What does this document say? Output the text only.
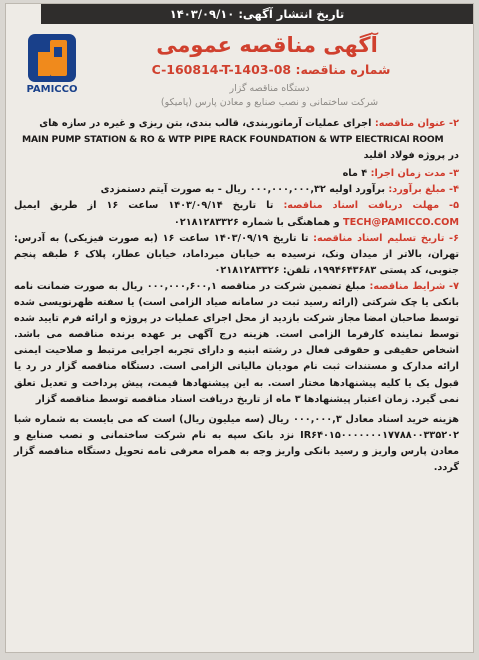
تاریخ انتشار آگهی: ۱۴۰۳/۰۹/۱۰
PAMICCO
آگهی مناقصه عمومی
شماره مناقصه: 08-C-160814-T-1403
دستگاه مناقصه گزار
شرکت ساختمانی و نصب صنایع و معادن پارس (پامیکو)

۲- عنوان مناقصه: اجرای عملیات آرماتوربندی، قالب بندی، بتن ریزی و غیره در سازه های
MAIN PUMP STATION & RO & WTP PIPE RACK FOUNDATION & WTP ElECTRICAl ROOM
در پروژه فولاد اقلید

۳- مدت زمان اجرا: ۴ ماه

۴- مبلغ برآورد: برآورد اولیه ۰۰۰,۰۰۰,۰۰۰,۳۲ ریال - به صورت آیتم دستمزدی

۵- مهلت دریافت اسناد مناقصه: تا تاریخ ۱۴۰۳/۰۹/۱۴ ساعت ۱۶ از طریق ایمیل TECH@PAMICCO.COM و هماهنگی با شماره ۰۲۱۸۱۲۸۳۳۲۶

۶- تاریخ تسلیم اسناد مناقصه: تا تاریخ ۱۴۰۳/۰۹/۱۹ ساعت ۱۶ (به صورت فیزیکی) به آدرس: تهران، بالاتر از میدان ونک، نرسیده به خیابان میرداماد، خیابان عطار، پلاک ۶ طبقه پنجم جنوبی، کد پستی ۱۹۹۴۶۴۳۶۸۳، تلفن: ۰۲۱۸۱۲۸۳۳۲۶

۷- شرایط مناقصه: مبلغ تضمین شرکت در مناقصه ۰۰۰,۰۰۰,۶۰۰,۱ ریال به صورت ضمانت نامه بانکی یا چک شرکتی (ارائه رسید ثبت در سامانه صیاد الزامی است) یا سفته ظهرنویسی شده توسط صاحبان امضا مجاز شرکت بازدید از محل اجرای عملیات در پروژه و ارائه فرم تایید شده توسط نماینده کارفرما الزامی است. هزینه درج آگهی بر عهده برنده مناقصه می باشد. اشخاص حقیقی و حقوقی فعال در رشته ابنیه و دارای تجربه اجرایی مرتبط و صلاحیت ایمنی ارائه مدارک و مستندات ثبت نام مودیان مالیاتی الزامی است. دستگاه مناقصه گزار در رد یا قبول یک یا کلیه پیشنهادها مختار است. به این پیشنهادها قیمت، پیش پرداخت و تعدیل تعلق نمی گیرد. زمان اعتبار پیشنهادها ۳ ماه از تاریخ دریافت اسناد مناقصه توسط مناقصه گزار

هزینه خرید اسناد معادل ۰۰۰,۰۰۰,۳ ریال (سه میلیون ریال) است که می بایست به شماره شبا IR۶۴۰۱۵۰۰۰۰۰۰۰۱۷۷۸۸۰۰۳۳۵۲۰۲ نزد بانک سپه به نام شرکت ساختمانی و نصب صنایع و معادن پارس واریز و رسید بانکی واریز وجه به همراه معرفی نامه تحویل دستگاه مناقصه گزار گردد.
